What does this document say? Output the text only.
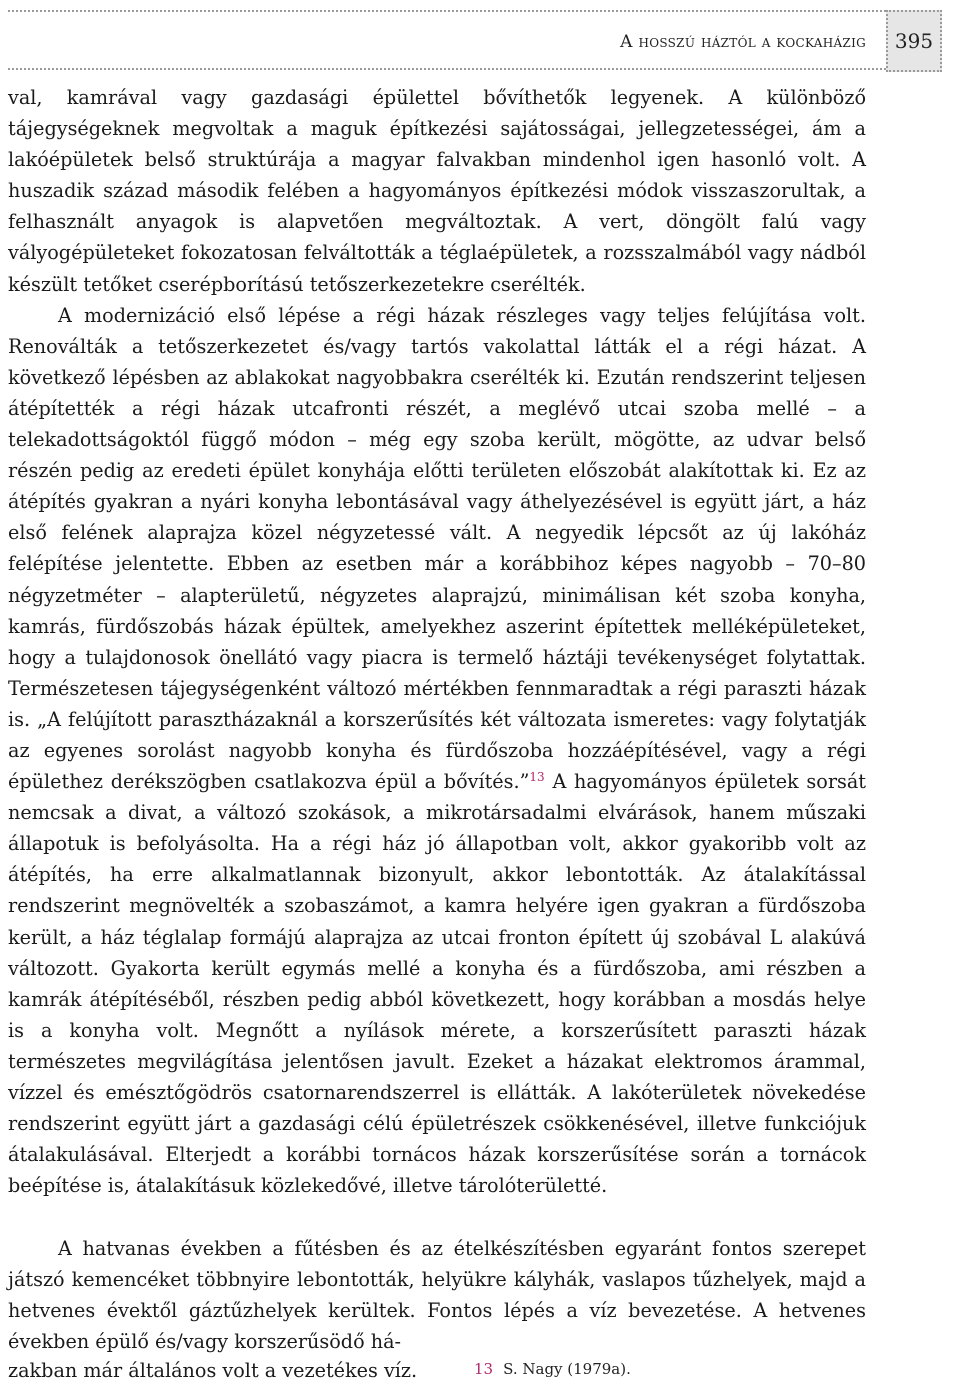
A hosszú háztól a kockaházig 395

val, kamrával vagy gazdasági épülettel bővíthetők legyenek. A különböző tájegységeknek megvoltak a maguk építkezési sajátosságai, jellegzetességei, ám a lakóépületek belső struktúrája a magyar falvakban mindenhol igen hasonló volt. A huszadik század második felében a hagyományos építkezési módok visszaszorultak, a felhasznált anyagok is alapvetően megváltoztak. A vert, döngölt falú vagy vályogépületeket fokozatosan felváltották a téglaépületek, a rozsszalmából vagy nádból készült tetőket cserépborítású tetőszerkezetekre cserélték.

A modernizáció első lépése a régi házak részleges vagy teljes felújítása volt. Renoválták a tetőszerkezetet és/vagy tartós vakolattal látták el a régi házat. A következő lépésben az ablakokat nagyobbakra cserélték ki. Ezután rendszerint teljesen átépítették a régi házak utcafronti részét, a meglévő utcai szoba mellé – a telekadottságoktól függő módon – még egy szoba került, mögötte, az udvar belső részén pedig az eredeti épület konyhája előtti területen előszobát alakítottak ki. Ez az átépítés gyakran a nyári konyha lebontásával vagy áthelyezésével is együtt járt, a ház első felének alaprajza közel négyzetessé vált. A negyedik lépcsőt az új lakóház felépítése jelentette. Ebben az esetben már a korábbihoz képes nagyobb – 70–80 négyzetméter – alapterületű, négyzetes alaprajzú, minimálisan két szoba konyha, kamrás, fürdőszobás házak épültek, amelyekhez aszerint építettek melléképületeket, hogy a tulajdonosok önellátó vagy piacra is termelő háztáji tevékenységet folytattak. Természetesen tájegységenként változó mértékben fennmaradtak a régi paraszti házak is. „A felújított parasztházaknál a korszerűsítés két változata ismeretes: vagy folytatják az egyenes sorolást nagyobb konyha és fürdőszoba hozzáépítésével, vagy a régi épülethez derékszögben csatlakozva épül a bővítés.”$^{13}$ A hagyományos épületek sorsát nemcsak a divat, a változó szokások, a mikrotársadalmi elvárások, hanem műszaki állapotuk is befolyásolta. Ha a régi ház jó állapotban volt, akkor gyakoribb volt az átépítés, ha erre alkalmatlannak bizonyult, akkor lebontották. Az átalakítással rendszerint megnövelték a szobaszámot, a kamra helyére igen gyakran a fürdőszoba került, a ház téglalap formájú alaprajza az utcai fronton épített új szobával L alakúvá változott. Gyakorta került egymás mellé a konyha és a fürdőszoba, ami részben a kamrák átépítéséből, részben pedig abból következett, hogy korábban a mosdás helye is a konyha volt. Megnőtt a nyílások mérete, a korszerűsített paraszti házak természetes megvilágítása jelentősen javult. Ezeket a házakat elektromos árammal, vízzel és emésztőgödrös csatornarendszerrel is ellátták. A lakóterületek növekedése rendszerint együtt járt a gazdasági célú épületrészek csökkenésével, illetve funkciójuk átalakulásával. Elterjedt a korábbi tornácos házak korszerűsítése során a tornácok beépítése is, átalakításuk közlekedővé, illetve tárolóterületté.

A hatvanas években a fűtésben és az ételkészítésben egyaránt fontos szerepet játszó kemencéket többnyire lebontották, helyükre kályhák, vaslapos tűzhelyek, majd a hetvenes évektől gáztűzhelyek kerültek. Fontos lépés a víz bevezetése. A hetvenes években épülő és/vagy korszerűsödő há-

zakban már általános volt a vezetékes víz.	13 S. Nagy (1979a).
